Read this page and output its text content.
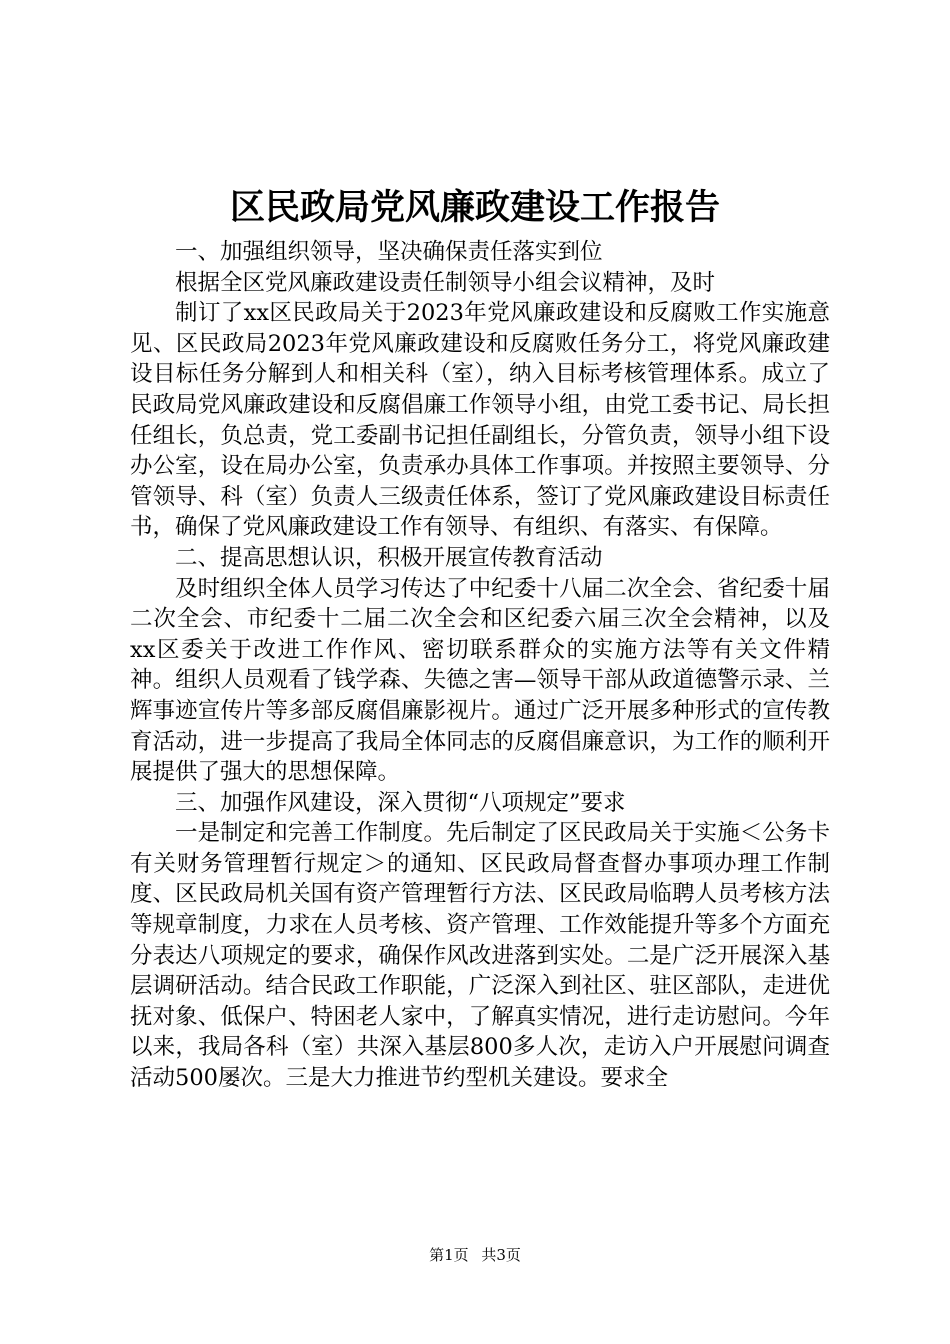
区民政局党风廉政建设工作报告

一、加强组织领导，坚决确保责任落实到位

根据全区党风廉政建设责任制领导小组会议精神，及时

制订了xx区民政局关于2023年党风廉政建设和反腐败工作实施意见、区民政局2023年党风廉政建设和反腐败任务分工，将党风廉政建设目标任务分解到人和相关科（室），纳入目标考核管理体系。成立了民政局党风廉政建设和反腐倡廉工作领导小组，由党工委书记、局长担任组长，负总责，党工委副书记担任副组长，分管负责，领导小组下设办公室，设在局办公室，负责承办具体工作事项。并按照主要领导、分管领导、科（室）负责人三级责任体系，签订了党风廉政建设目标责任书，确保了党风廉政建设工作有领导、有组织、有落实、有保障。

二、提高思想认识，积极开展宣传教育活动

及时组织全体人员学习传达了中纪委十八届二次全会、省纪委十届二次全会、市纪委十二届二次全会和区纪委六届三次全会精神，以及xx区委关于改进工作作风、密切联系群众的实施方法等有关文件精神。组织人员观看了钱学森、失德之害—领导干部从政道德警示录、兰辉事迹宣传片等多部反腐倡廉影视片。通过广泛开展多种形式的宣传教育活动，进一步提高了我局全体同志的反腐倡廉意识，为工作的顺利开展提供了强大的思想保障。

三、加强作风建设，深入贯彻“八项规定”要求

一是制定和完善工作制度。先后制定了区民政局关于实施＜公务卡有关财务管理暂行规定＞的通知、区民政局督查督办事项办理工作制度、区民政局机关国有资产管理暂行方法、区民政局临聘人员考核方法等规章制度，力求在人员考核、资产管理、工作效能提升等多个方面充分表达八项规定的要求，确保作风改进落到实处。二是广泛开展深入基层调研活动。结合民政工作职能，广泛深入到社区、驻区部队，走进优抚对象、低保户、特困老人家中，了解真实情况，进行走访慰问。今年以来，我局各科（室）共深入基层800多人次，走访入户开展慰问调查活动500屡次。三是大力推进节约型机关建设。要求全

第1页 共3页
